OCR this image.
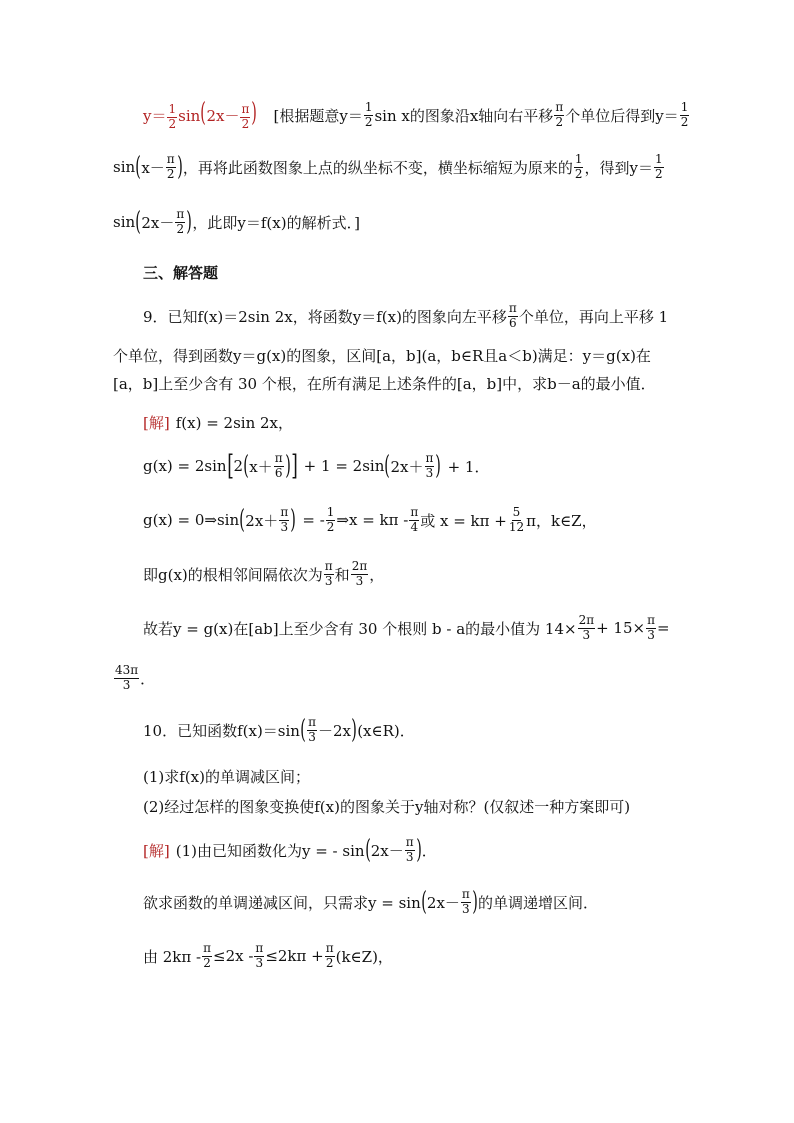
$y= \frac{1}{2} \sin(2x- \frac{\pi}{2}$ ) [根据题意$y= \frac{1}{2}$ sin x的图象沿x轴向右平移 $\frac{\pi}{2}$ 个单位后得到$y= \frac{1}{2}$
sin ( $x- \frac{\pi}{2}$ ) ，再将此函数图象上点的纵坐标不变，横坐标缩短为原来的 $\frac{1}{2}$ ，得到$y= \frac{1}{2}$
sin ( $2x- \frac{\pi}{2}$ ) ，此即y＝f(x)的解析式．]
三、解答题
9．已知f(x)＝2sin 2x，将函数y＝f(x)的图象向左平移 $\frac{\pi}{6}$ 个单位，再向上平移 1
个单位，得到函数y＝g(x)的图象，区间[a，b](a，b∈R且a＜b)满足：y＝g(x)在
[a，b]上至少含有 30 个根，在所有满足上述条件的[a，b]中，求b－a的最小值．
[解] f(x) = 2sin 2x，
g(x) = 2sin [ 2 ( $x+ \frac{\pi}{6}$ ) ] + 1 = 2sin ( $2x+ \frac{\pi}{3}$ ) + 1．
g(x) = 0⇒sin ( $2x+ \frac{\pi}{3}$ ) = - $\frac{1}{2}$ ⇒x = kπ - $\frac{\pi}{4}$ 或 $x = k\pi + \frac{5}{12}$ π，k∈Z，
即g(x)的根相邻间隔依次为 $\frac{\pi}{3}$ 和 $\frac{2\pi}{3}$ ，
故若y = g(x)在[ab]上至少含有 30 个根则 b - a的最小值为 $14\times \frac{2\pi}{3} + 15\times \frac{\pi}{3}$ =
$\frac{43\pi}{3}$ ．
10．已知函数f(x)＝sin ( $\frac{\pi}{3} -2x$ ) (x∈R)．
(1)求f(x)的单调减区间；
(2)经过怎样的图象变换使f(x)的图象关于y轴对称？(仅叙述一种方案即可)
[解] (1)由已知函数化为y = - sin ( $2x- \frac{\pi}{3}$ ) ．
欲求函数的单调递减区间，只需求y = sin ( $2x- \frac{\pi}{3}$ ) 的单调递增区间．
由 $2k\pi - \frac{\pi}{2} \le 2x - \frac{\pi}{3} \le 2k\pi + \frac{\pi}{2}$ (k∈Z)，
